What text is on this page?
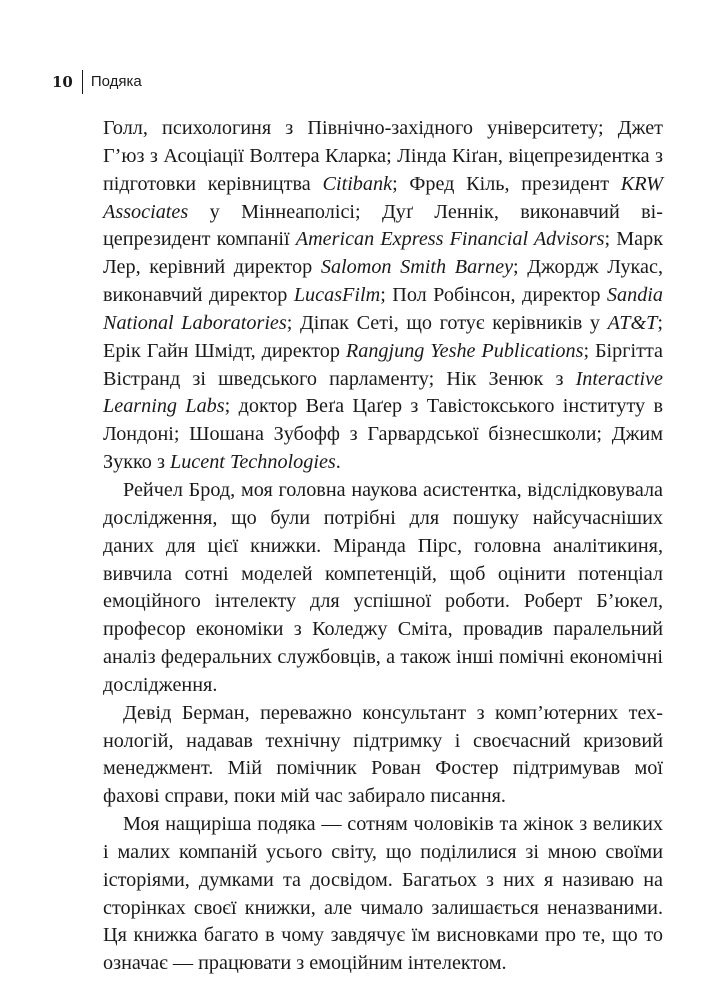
10	Подяка

Голл, психологиня з Північно-західного університету; Джет Г’юз з Асоціації Волтера Кларка; Лінда Кіґан, віцепрезидентка з підготовки керівництва Citibank; Фред Кіль, президент KRW Associates у Міннеаполісі; Дуґ Леннік, виконавчий віцепрезидент компанії American Express Financial Advisors; Марк Лер, керівний директор Salomon Smith Barney; Джордж Лукас, виконавчий директор LucasFilm; Пол Робінсон, директор Sandia National Laboratories; Діпак Сеті, що готує керівників у AT&T; Ерік Гайн Шмідт, директор Rangjung Yeshe Publications; Біргітта Вістранд зі шведського парламенту; Нік Зенюк з Interactive Learning Labs; доктор Веґа Цаґер з Тавістокського інституту в Лондоні; Шошана Зубофф з Гарвардської бізнесшколи; Джим Зукко з Lucent Technologies.

Рейчел Брод, моя головна наукова асистентка, відслідковувала дослідження, що були потрібні для пошуку найсучасніших даних для цієї книжки. Міранда Пірс, головна аналітикиня, вивчила сотні моделей компетенцій, щоб оцінити потенціал емоційного інтелекту для успішної роботи. Роберт Б’юкел, професор економіки з Коледжу Сміта, провадив паралельний аналіз федеральних службовців, а також інші помічні економічні дослідження.

Девід Берман, переважно консультант з комп’ютерних технологій, надавав технічну підтримку і своєчасний кризовий менеджмент. Мій помічник Рован Фостер підтримував мої фахові справи, поки мій час забирало писання.

Моя нащиріша подяка — сотням чоловіків та жінок з великих і малих компаній усього світу, що поділилися зі мною своїми історіями, думками та досвідом. Багатьох з них я називаю на сторінках своєї книжки, але чимало залишається неназваними. Ця книжка багато в чому завдячує їм висновками про те, що то означає — працювати з емоційним інтелектом.
